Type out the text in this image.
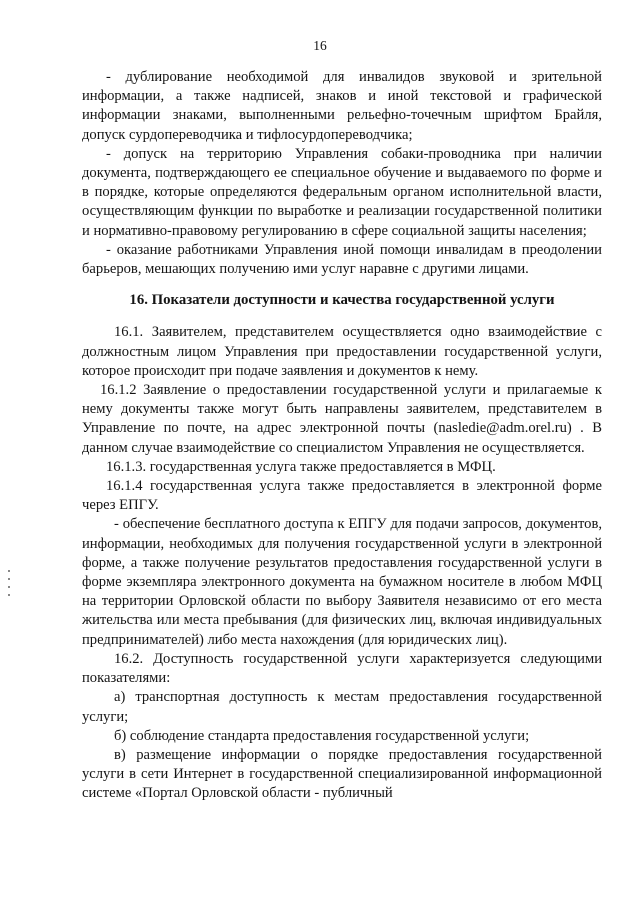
16

- дублирование необходимой для инвалидов звуковой и зрительной информации, а также надписей, знаков и иной текстовой и графической информации знаками, выполненными рельефно-точечным шрифтом Брайля, допуск сурдопереводчика и тифлосурдопереводчика;

- допуск на территорию Управления собаки-проводника при наличии документа, подтверждающего ее специальное обучение и выдаваемого по форме и в порядке, которые определяются федеральным органом исполнительной власти, осуществляющим функции по выработке и реализации государственной политики и нормативно-правовому регулированию в сфере социальной защиты населения;

- оказание работниками Управления иной помощи инвалидам в преодолении барьеров, мешающих получению ими услуг наравне с другими лицами.

16. Показатели доступности и качества государственной услуги

16.1. Заявителем, представителем осуществляется одно взаимодействие с должностным лицом Управления при предоставлении государственной услуги, которое происходит при подаче заявления и документов к нему.

16.1.2 Заявление о предоставлении государственной услуги и прилагаемые к нему документы также могут быть направлены заявителем, представителем в Управление по почте, на адрес электронной почты (nasledie@adm.orel.ru) . В данном случае взаимодействие со специалистом Управления не осуществляется.

16.1.3. государственная услуга также предоставляется в МФЦ.

16.1.4 государственная услуга также предоставляется в электронной форме через ЕПГУ.

- обеспечение бесплатного доступа к ЕПГУ для подачи запросов, документов, информации, необходимых для получения государственной услуги в электронной форме, а также получение результатов предоставления государственной услуги в форме экземпляра электронного документа на бумажном носителе в любом МФЦ на территории Орловской области по выбору Заявителя независимо от его места жительства или места пребывания (для физических лиц, включая индивидуальных предпринимателей) либо места нахождения (для юридических лиц).

16.2. Доступность государственной услуги характеризуется следующими показателями:

а) транспортная доступность к местам предоставления государственной услуги;

б) соблюдение стандарта предоставления государственной услуги;

в) размещение информации о порядке предоставления государственной услуги в сети Интернет в государственной специализированной информационной системе «Портал Орловской области - публичный
